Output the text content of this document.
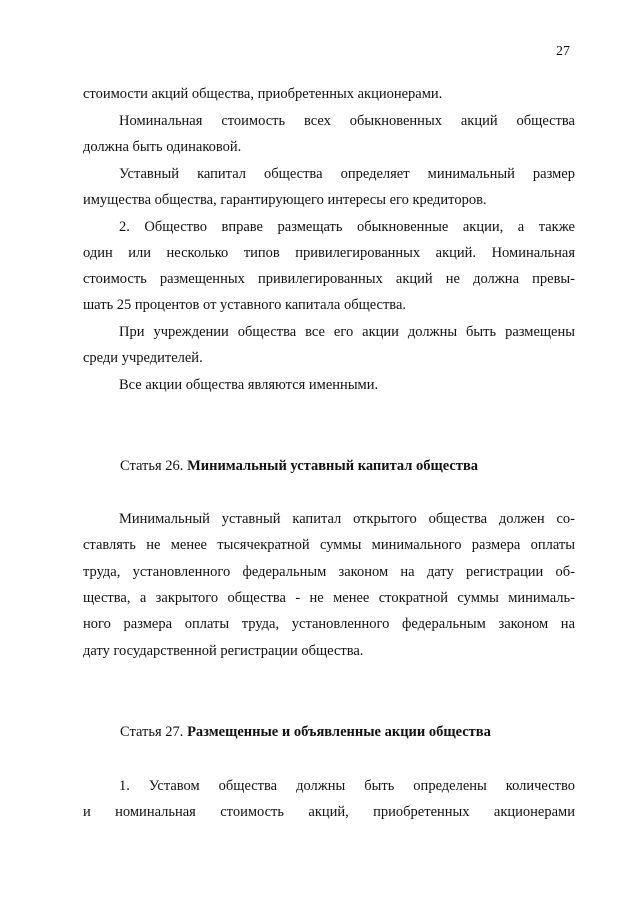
27
стоимости акций общества, приобретенных акционерами.
Номинальная стоимость всех обыкновенных акций общества
должна быть одинаковой.
Уставный капитал общества определяет минимальный размер
имущества общества, гарантирующего интересы его кредиторов.
2. Общество вправе размещать обыкновенные акции, а также
один или несколько типов привилегированных акций. Номинальная
стоимость размещенных привилегированных акций не должна превы-
шать 25 процентов от уставного капитала общества.
При учреждении общества все его акции должны быть размещены
среди учредителей.
Все акции общества являются именными.
Минимальный уставный капитал открытого общества должен со-
ставлять не менее тысячекратной суммы минимального размера оплаты
труда, установленного федеральным законом на дату регистрации об-
щества, а закрытого общества - не менее стократной суммы минималь-
ного размера оплаты труда, установленного федеральным законом на
дату государственной регистрации общества.
1. Уставом общества должны быть определены количество
и номинальная стоимость акций, приобретенных акционерами
Статья 26. Минимальный уставный капитал общества
Статья 27. Размещенные и объявленные акции общества
